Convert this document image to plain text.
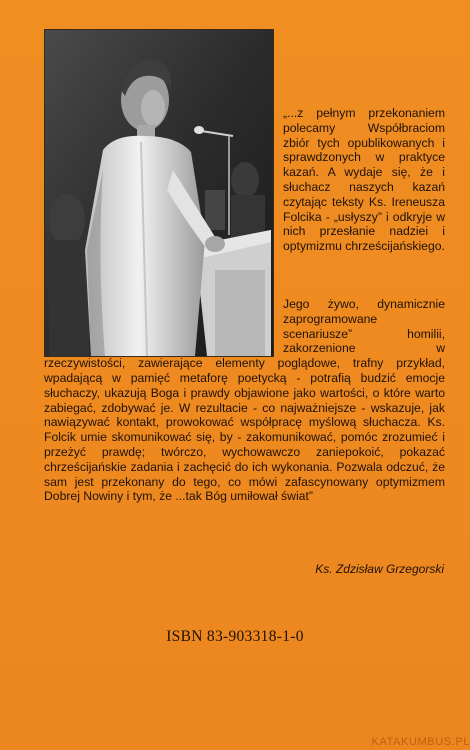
„...z pełnym przekonaniem polecamy Współbraciom zbiór tych opublikowanych i sprawdzonych w praktyce kazań. A wydaje się, że i słuchacz naszych kazań czytając teksty Ks. Ireneusza Folcika - „usłyszy” i odkryje w nich przesłanie nadziei i optymizmu chrześcijańskiego.

Jego żywo, dynamicznie zaprogramowane scenariusze” homilii, zakorzenione w rzeczywistości, zawierające elementy poglądowe, trafny przykład, wpadającą w pamięć metaforę poetycką - potrafią budzić emocje słuchaczy, ukazują Boga i prawdy objawione jako wartości, o które warto zabiegać, zdobywać je. W rezultacie - co najważniejsze - wskazuje, jak nawiązywać kontakt, prowokować współpracę myślową słuchacza. Ks. Folcik umie skomunikować się, by - zakomunikować, pomóc zrozumieć i przeżyć prawdę; twórczo, wychowawczo zaniepokoić, pokazać chrześcijańskie zadania i zachęcić do ich wykonania. Pozwala odczuć, że sam jest przekonany do tego, co mówi zafascynowany optymizmem Dobrej Nowiny i tym, że ...tak Bóg umiłował świat”

Ks. Zdzisław Grzegorski
ISBN 83-903318-1-0
KATAKUMBUS.PL
